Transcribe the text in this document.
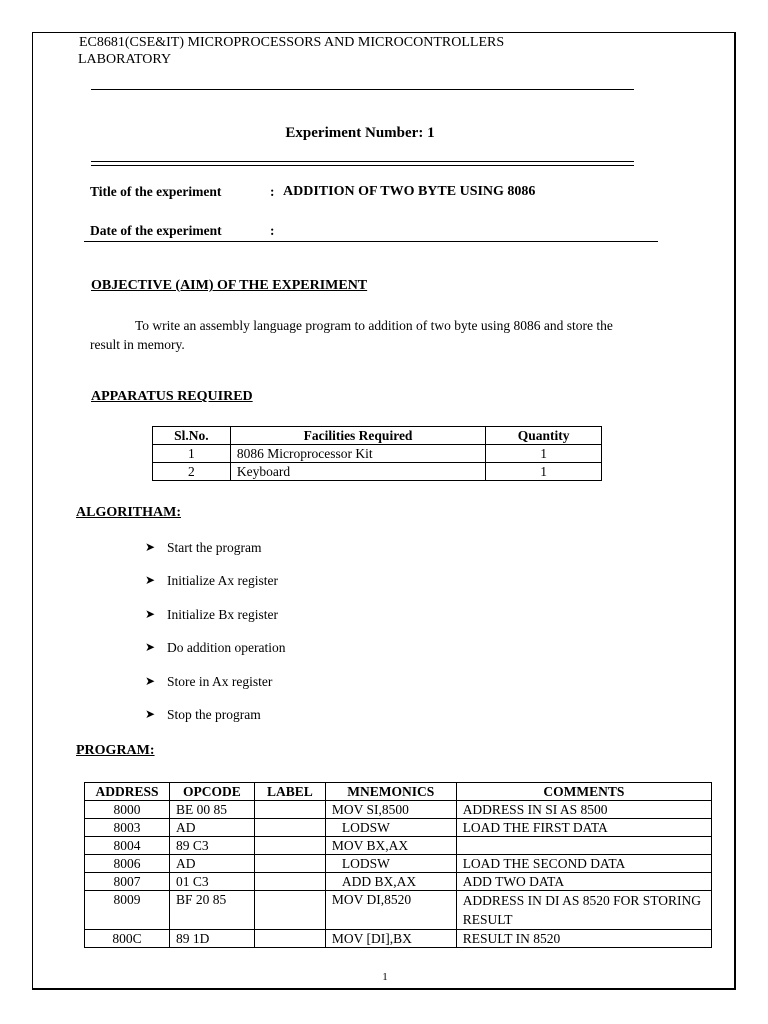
EC8681(CSE&IT) MICROPROCESSORS AND MICROCONTROLLERS
LABORATORY
Experiment Number: 1
Title of the experiment	: ADDITION OF TWO BYTE USING 8086
Date of the experiment	:
OBJECTIVE (AIM) OF THE EXPERIMENT
To write an assembly language program to addition of two byte using 8086 and store the
result in memory.
APPARATUS REQUIRED
Sl.No.	Facilities Required	Quantity
1	8086 Microprocessor Kit	1
2	Keyboard	1
ALGORITHAM:
➤ Start the program
➤ Initialize Ax register
➤ Initialize Bx register
➤ Do addition operation
➤ Store in Ax register
➤ Stop the program
PROGRAM:
ADDRESS	OPCODE	LABEL	MNEMONICS	COMMENTS
8000	BE 00 85		MOV SI,8500	ADDRESS IN SI AS 8500
8003	AD		LODSW	LOAD THE FIRST DATA
8004	89 C3		MOV BX,AX	
8006	AD		LODSW	LOAD THE SECOND DATA
8007	01 C3		ADD BX,AX	ADD TWO DATA
8009	BF 20 85		MOV DI,8520	ADDRESS IN DI AS 8520 FOR STORING RESULT
800C	89 1D		MOV [DI],BX	RESULT IN 8520
1
